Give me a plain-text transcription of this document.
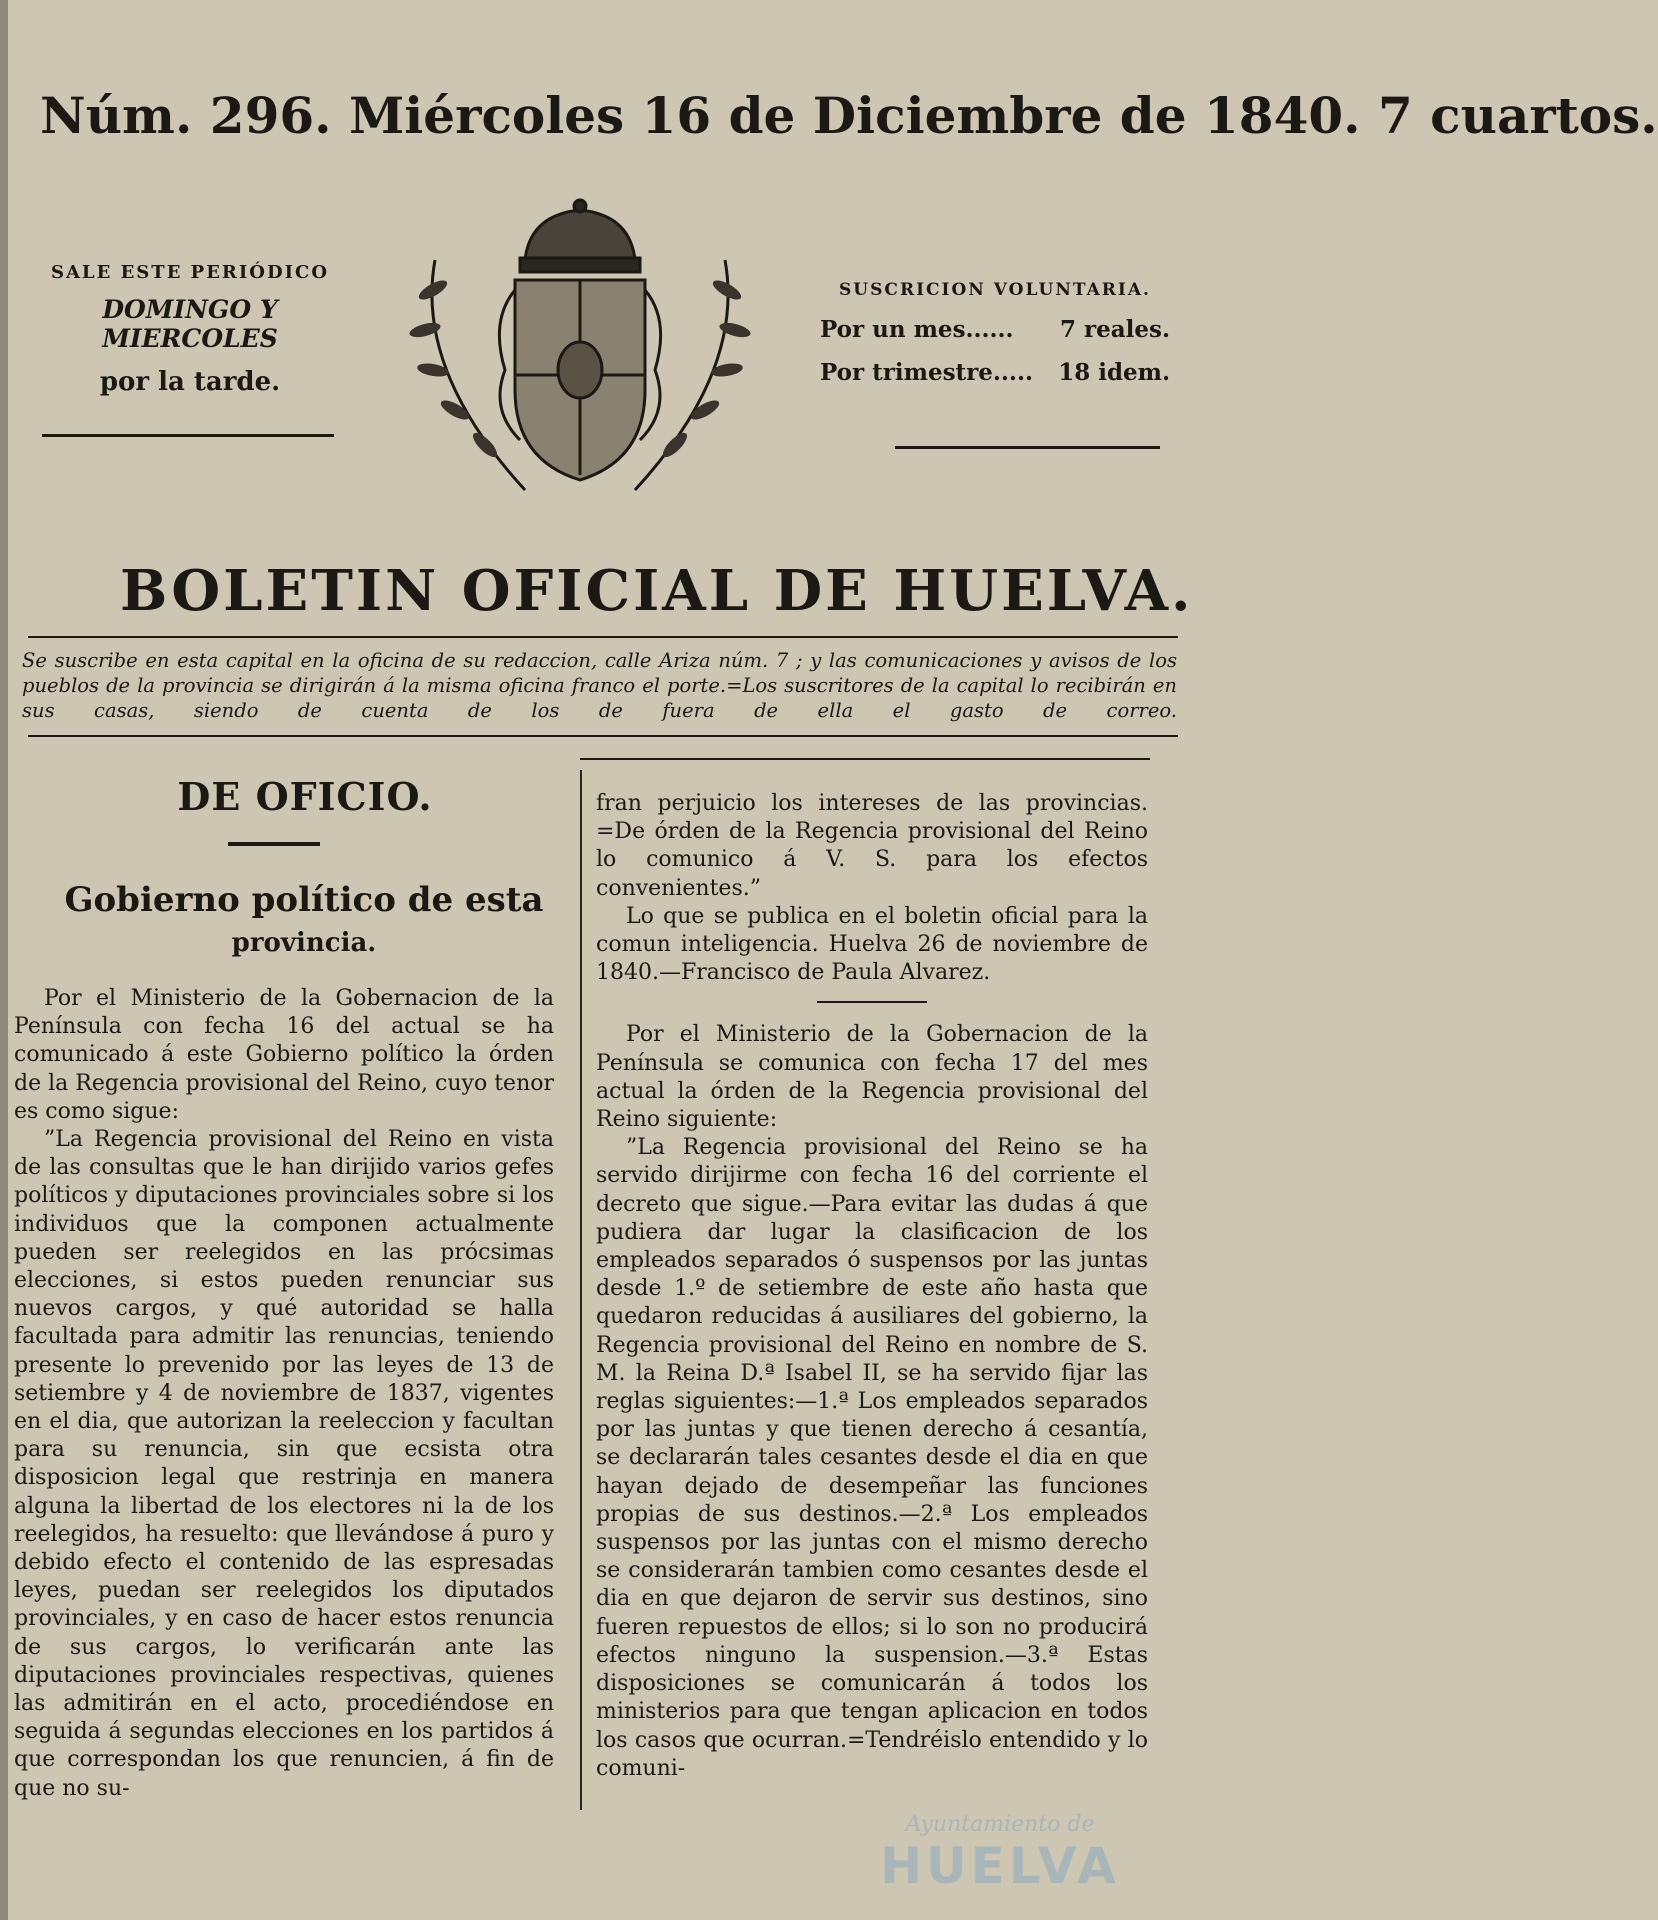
Núm. 296. Miércoles 16 de Diciembre de 1840. 7 cuartos.
SALE ESTE PERIÓDICO
DOMINGO Y MIERCOLES
por la tarde.
SUSCRICION VOLUNTARIA.
Por un mes...... 7 reales.
Por trimestre..... 18 idem.
BOLETIN OFICIAL DE HUELVA.
Se suscribe en esta capital en la oficina de su redaccion, calle Ariza núm. 7 ; y las comunicaciones y avisos de los pueblos de la provincia se dirigirán á la misma oficina franco el porte.=Los suscritores de la capital lo recibirán en sus casas, siendo de cuenta de los de fuera de ella el gasto de correo.
DE OFICIO.
Gobierno político de esta
provincia.

Por el Ministerio de la Gobernacion de la Península con fecha 16 del actual se ha comunicado á este Gobierno político la órden de la Regencia provisional del Reino, cuyo tenor es como sigue:

”La Regencia provisional del Reino en vista de las consultas que le han dirijido varios gefes políticos y diputaciones provinciales sobre si los individuos que la componen actualmente pueden ser reelegidos en las prócsimas elecciones, si estos pueden renunciar sus nuevos cargos, y qué autoridad se halla facultada para admitir las renuncias, teniendo presente lo prevenido por las leyes de 13 de setiembre y 4 de noviembre de 1837, vigentes en el dia, que autorizan la reeleccion y facultan para su renuncia, sin que ecsista otra disposicion legal que restrinja en manera alguna la libertad de los electores ni la de los reelegidos, ha resuelto: que llevándose á puro y debido efecto el contenido de las espresadas leyes, puedan ser reelegidos los diputados provinciales, y en caso de hacer estos renuncia de sus cargos, lo verificarán ante las diputaciones provinciales respectivas, quienes las admitirán en el acto, procediéndose en seguida á segundas elecciones en los partidos á que correspondan los que renuncien, á fin de que no su-

fran perjuicio los intereses de las provincias. =De órden de la Regencia provisional del Reino lo comunico á V. S. para los efectos convenientes.”

Lo que se publica en el boletin oficial para la comun inteligencia. Huelva 26 de noviembre de 1840.—Francisco de Paula Alvarez.

Por el Ministerio de la Gobernacion de la Península se comunica con fecha 17 del mes actual la órden de la Regencia provisional del Reino siguiente:

”La Regencia provisional del Reino se ha servido dirijirme con fecha 16 del corriente el decreto que sigue.—Para evitar las dudas á que pudiera dar lugar la clasificacion de los empleados separados ó suspensos por las juntas desde 1.º de setiembre de este año hasta que quedaron reducidas á ausiliares del gobierno, la Regencia provisional del Reino en nombre de S. M. la Reina D.ª Isabel II, se ha servido fijar las reglas siguientes:—1.ª Los empleados separados por las juntas y que tienen derecho á cesantía, se declararán tales cesantes desde el dia en que hayan dejado de desempeñar las funciones propias de sus destinos.—2.ª Los empleados suspensos por las juntas con el mismo derecho se considerarán tambien como cesantes desde el dia en que dejaron de servir sus destinos, sino fueren repuestos de ellos; si lo son no producirá efectos ninguno la suspension.—3.ª Estas disposiciones se comunicarán á todos los ministerios para que tengan aplicacion en todos los casos que ocurran.=Tendréislo entendido y lo comuni-

Ayuntamiento de
HUELVA
